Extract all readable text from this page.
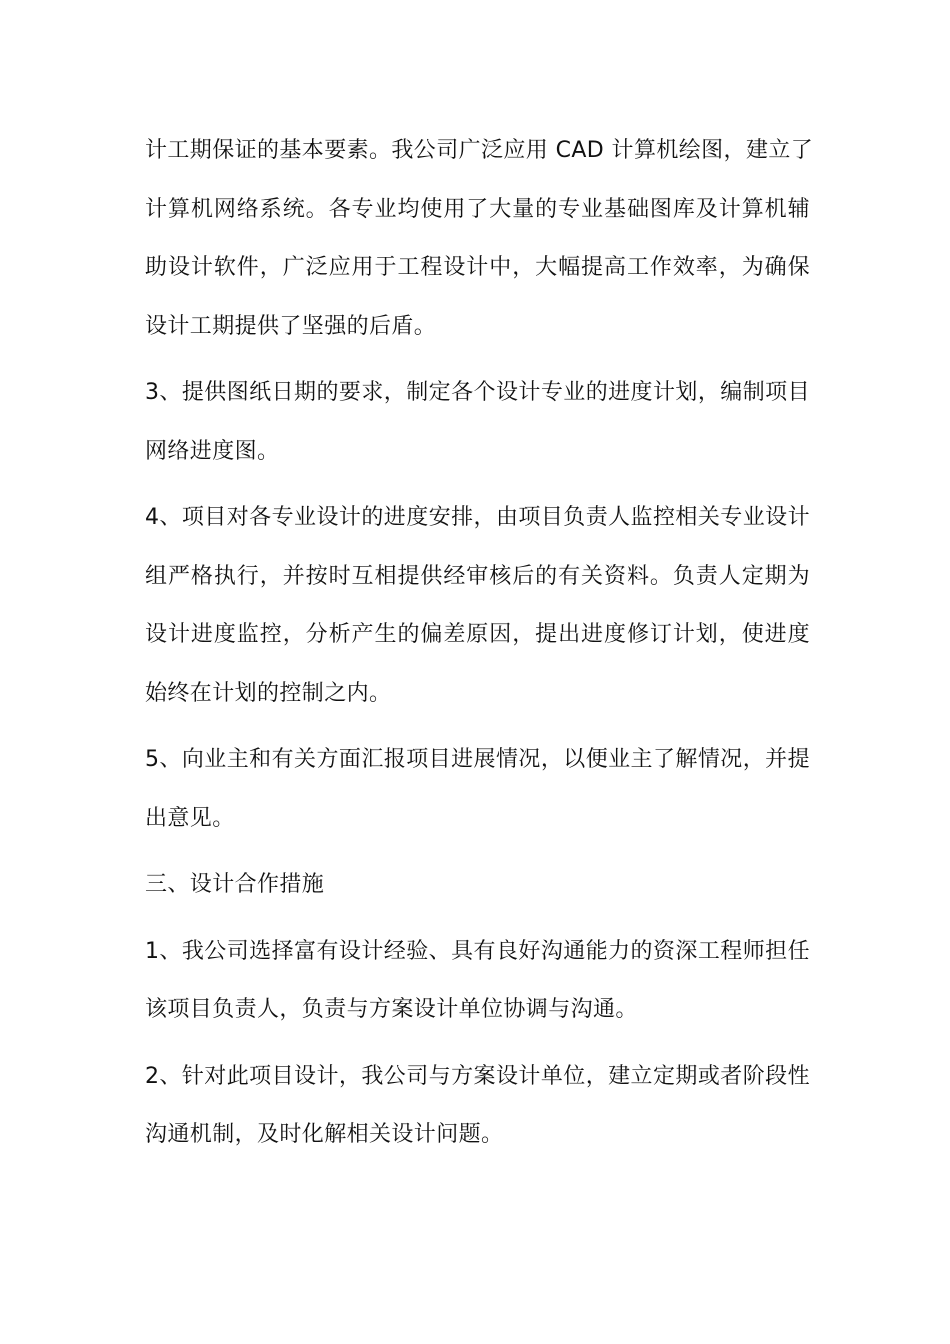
计工期保证的基本要素。我公司广泛应用 CAD 计算机绘图，建立了
计算机网络系统。各专业均使用了大量的专业基础图库及计算机辅
助设计软件，广泛应用于工程设计中，大幅提高工作效率，为确保
设计工期提供了坚强的后盾。

3、提供图纸日期的要求，制定各个设计专业的进度计划，编制项目
网络进度图。

4、项目对各专业设计的进度安排，由项目负责人监控相关专业设计
组严格执行，并按时互相提供经审核后的有关资料。负责人定期为
设计进度监控，分析产生的偏差原因，提出进度修订计划，使进度
始终在计划的控制之内。

5、向业主和有关方面汇报项目进展情况，以便业主了解情况，并提
出意见。

三、设计合作措施

1、我公司选择富有设计经验、具有良好沟通能力的资深工程师担任
该项目负责人，负责与方案设计单位协调与沟通。

2、针对此项目设计，我公司与方案设计单位，建立定期或者阶段性
沟通机制，及时化解相关设计问题。
